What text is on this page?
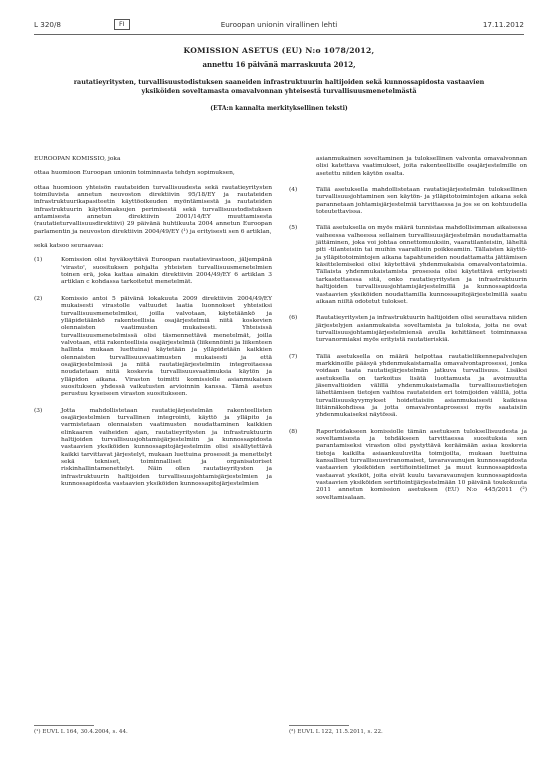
L 320/8	FI	Euroopan unionin virallinen lehti	17.11.2012
KOMISSION ASETUS (EU) N:o 1078/2012,
annettu 16 päivänä marraskuuta 2012,
rautatieyritysten, turvallisuustodistuksen saaneiden infrastruktuurin haltijoiden sekä kunnossapidosta vastaavien yksiköiden soveltamasta omavalvonnan yhteisestä turvallisuusmenetelmästä
(ETA:n kannalta merkityksellinen teksti)

EUROOPAN KOMISSIO, joka

ottaa huomioon Euroopan unionin toiminnasta tehdyn sopimuksen,

ottaa huomioon yhteisön rautateiden turvallisuudesta sekä rautatieyritysten toimiluvista annetun neuvoston direktiivin 95/18/EY ja rautateiden infrastruktuurikapasiteetin käyttöoikeuden myöntämisestä ja rautateiden infrastruktuurin käyttömaksujen perimisestä sekä turvallisuustodistuksen antamisesta annetun direktiivin 2001/14/EY muuttamisesta (rautatieturvallisuusdirektiivi) 29 päivänä huhtikuuta 2004 annetun Euroopan parlamentin ja neuvoston direktiivin 2004/49/EY (¹) ja erityisesti sen 6 artiklan,

sekä katsoo seuraavaa:

(1)	Komission olisi hyväksyttävä Euroopan rautatievirastoon, jäljempänä 'virasto', suosituksen pohjalta yhteisten turvallisuusmenetelmien toinen erä, joka kattaa ainakin direktiivin 2004/49/EY 6 artiklan 3 artiklan c kohdassa tarkoitetut menetelmät.
(2)	Komissio antoi 5 päivänä lokakuuta 2009 direktiivin 2004/49/EY mukaisesti virastolle valtuudet laatia luonnokset yhteisiksi turvallisuusmenetelmiksi, joilla valvotaan, käytetäänkö ja ylläpidetäänkö rakenteellisia osajärjestelmiä niitä koskevien olennaisten vaatimusten mukaisesti. Yhteisissä turvallisuusmenetelmissä olisi täsmennettävä menetelmät, joilla valvotaan, että rakenteellisia osajärjestelmiä (liikennöinti ja liikenteen hallinta mukaan luettuina) käytetään ja ylläpidetään kaikkien olennaisten turvallisuusvaatimusten mukaisesti ja että osajärjestelmissä ja niitä rautatiejärjestelmiin integroitaessa noudatetaan niitä koskevia turvallisuusvaatimuksia käytön ja ylläpidon aikana. Viraston toimitti komissiolle asianmukaisen suosituksen yhdessä vaikutusten arvioinnin kanssa. Tämä asetus perustuu kyseiseen viraston suositukseen.
(3)	Jotta mahdollistetaan rautatiejärjestelmän rakenteellisten osajärjestelmien turvallinen integrointi, käyttö ja ylläpito ja varmistetaan olennaisten vaatimusten noudattaminen kaikkien elinkaaren vaiheiden ajan, rautatieyritysten ja infrastruktuurin haltijoiden turvallisuusjohtamisjärjestelmiin ja kunnossapidosta vastaavien yksiköiden kunnossapitojärjestelmiin olisi sisällytettävä kaikki tarvittavat järjestelyt, mukaan luettuina prosessit ja menettelyt sekä tekniset, toiminnalliset ja organisatoriset riskinhallintamenettelyt. Näin ollen rautatieyritysten ja infrastruktuurin haltijoiden turvallisuusjohtamisjärjestelmien ja kunnossapidosta vastaavien yksiköiden kunnossapitojärjestelmien
asianmukainen soveltaminen ja tuloksellinen valvonta omavalvonnan olisi katettava vaatimukset, joita rakenteellisille osajärjestelmille on asetettu niiden käytön osalta.
(4)	Tällä asetuksella mahdollistetaan rautatiejärjestelmän tuloksellinen turvallisuusjohtaminen sen käytön- ja ylläpitotoimintojen aikana sekä parannetaan johtamisjärjestelmiä tarvittaessa ja jos se on kohtuudella toteutettavissa.
(5)	Tällä asetuksella on myös määrä tunnistaa mahdollisimman aikaisessa vaiheessa valheessa sellainen turvallisuusjärjestelmän noudattamatta jättäminen, joka voi johtaa onnettomuuksiin, vaaratilanteisiin, läheltä piti -tilanteisiin tai muihin vaarallisiin poikkeamiin. Tällaisten käyttö- ja ylläpitotoimintojen aikana tapahtuneiden noudattamatta jättämisen käsittelemiseksi olisi käytettävä yhdenmukaisia omavalvontatoimia. Tällaista yhdenmukaistamista prosessia olisi käytettävä erityisesti tarkastettaessa sitä, onko rautatieyritysten ja infrastruktuurin haltijoiden turvallisuusjohtamisjärjestelmillä ja kunnossapidosta vastaavien yksiköiden noudattamilla kunnossapitojärjestelmillä saatu aikaan niiltä odotetut tulokset.
(6)	Rautatieyritysten ja infrastruktuurin haltijoiden olisi seurattava niiden järjestelyjen asianmukaista soveltamista ja tuloksia, joita ne ovat turvallisuusjohtamisjärjestelmiensä avulla kehittäneet toiminnassa turvanormiaksi myös erityistä rautatieriskiä.
(7)	Tällä asetuksella on määrä helpottaa rautatieliikennepalvelujen markkinoille pääsyä yhdenmukaistamalla omavalvontaprosessi, jonka voidaan taata rautatiejärjestelmän jatkuva turvallisuus. Lisäksi asetuksella on tarkoitus lisätä luottamusta ja avoimuutta jäsenvaltioiden välillä yhdenmukaistamalla turvallisuustietojen lähettämisen tietojen vaihtoa rautateiden eri toimijoiden välillä, jotta turvallisuuskyvymykset hoidettaisiin asianmukaisesti kaikissa liitännäkohdissa ja jotta omavalvontaprosessi myös saataisiin yhdenmukaiseksi näytössä.
(8)	Raportoidakseen komissiolle tämän asetuksen tuloksellisuudesta ja soveltamisesta ja tehdäkseen tarvittaessa suosituksia sen parantamiseksi viraston olisi pystyttävä keräämään asiaa koskevia tietoja kaikilta asiaankuuluvilta toimijoilta, mukaan luettuina kansalliset turvallisuusviranomaiset, tavaravaunujen kunnossapidosta vastaavien yksiköiden sertifiointielimet ja muut kunnossapidosta vastaavat yksiköt, joita eivät kuulu tavaravaunujen kunnossapidosta vastaavien yksiköiden sertifiointijärjestelmään 10 päivänä toukokuuta 2011 annetun komission asetuksen (EU) N:o 445/2011 (²) soveltamisalaan.
(¹) EUVL L 164, 30.4.2004, s. 44.	(²) EUVL L 122, 11.5.2011, s. 22.
